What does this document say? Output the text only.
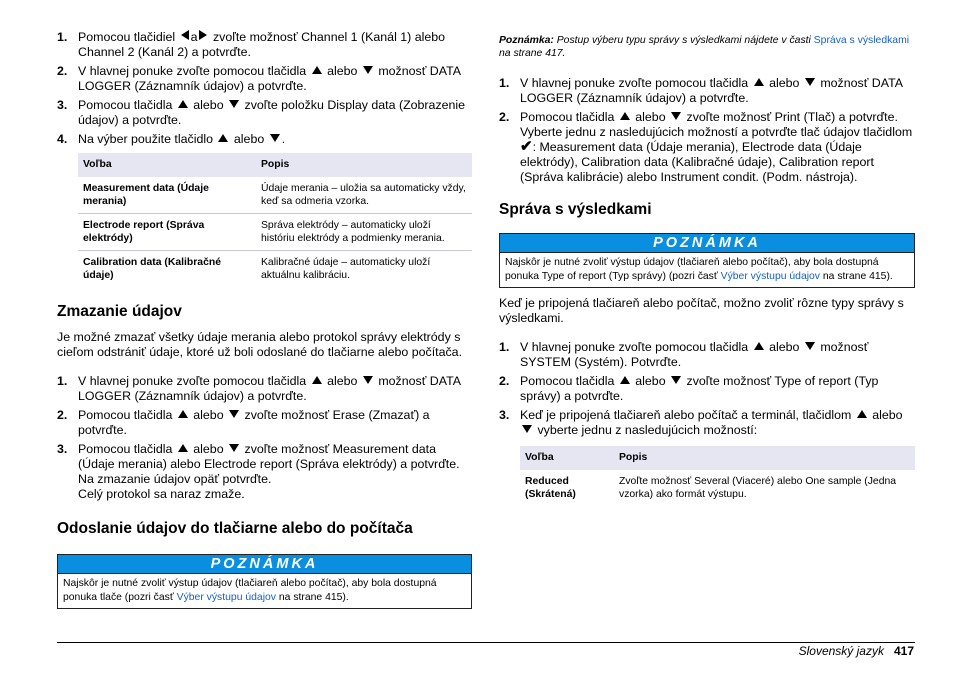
1. Pomocou tlačidiel a zvoľte možnosť Channel 1 (Kanál 1) alebo Channel 2 (Kanál 2) a potvrďte.
2. V hlavnej ponuke zvoľte pomocou tlačidla alebo možnosť DATA LOGGER (Záznamník údajov) a potvrďte.
3. Pomocou tlačidla alebo zvoľte položku Display data (Zobrazenie údajov) a potvrďte.
4. Na výber použite tlačidlo alebo .
Voľba	Popis
Measurement data (Údaje merania)	Údaje merania – uložia sa automaticky vždy, keď sa odmeria vzorka.
Electrode report (Správa elektródy)	Správa elektródy – automaticky uloží históriu elektródy a podmienky merania.
Calibration data (Kalibračné údaje)	Kalibračné údaje – automaticky uloží aktuálnu kalibráciu.
Zmazanie údajov

Je možné zmazať všetky údaje merania alebo protokol správy elektródy s cieľom odstrániť údaje, ktoré už boli odoslané do tlačiarne alebo počítača.

1. V hlavnej ponuke zvoľte pomocou tlačidla alebo možnosť DATA LOGGER (Záznamník údajov) a potvrďte.
2. Pomocou tlačidla alebo zvoľte možnosť Erase (Zmazať) a potvrďte.
3. Pomocou tlačidla alebo zvoľte možnosť Measurement data (Údaje merania) alebo Electrode report (Správa elektródy) a potvrďte. Na zmazanie údajov opäť potvrďte.
Celý protokol sa naraz zmaže.
Odoslanie údajov do tlačiarne alebo do počítača
POZNÁMKA
Najskôr je nutné zvoliť výstup údajov (tlačiareň alebo počítač), aby bola dostupná ponuka tlače (pozri časť Výber výstupu údajov na strane 415).

Poznámka: Postup výberu typu správy s výsledkami nájdete v časti Správa s výsledkami na strane 417.

1. V hlavnej ponuke zvoľte pomocou tlačidla alebo možnosť DATA LOGGER (Záznamník údajov) a potvrďte.
2. Pomocou tlačidla alebo zvoľte možnosť Print (Tlač) a potvrďte. Vyberte jednu z nasledujúcich možností a potvrďte tlač údajov tlačidlom ✔: Measurement data (Údaje merania), Electrode data (Údaje elektródy), Calibration data (Kalibračné údaje), Calibration report (Správa kalibrácie) alebo Instrument condit. (Podm. nástroja).
Správa s výsledkami
POZNÁMKA
Najskôr je nutné zvoliť výstup údajov (tlačiareň alebo počítač), aby bola dostupná ponuka Type of report (Typ správy) (pozri časť Výber výstupu údajov na strane 415).

Keď je pripojená tlačiareň alebo počítač, možno zvoliť rôzne typy správy s výsledkami.

1. V hlavnej ponuke zvoľte pomocou tlačidla alebo možnosť SYSTEM (Systém). Potvrďte.
2. Pomocou tlačidla alebo zvoľte možnosť Type of report (Typ správy) a potvrďte.
3. Keď je pripojená tlačiareň alebo počítač a terminál, tlačidlom alebo  vyberte jednu z nasledujúcich možností:
Voľba	Popis
Reduced (Skrátená)	Zvoľte možnosť Several (Viaceré) alebo One sample (Jedna vzorka) ako formát výstupu.
Slovenský jazyk 417
